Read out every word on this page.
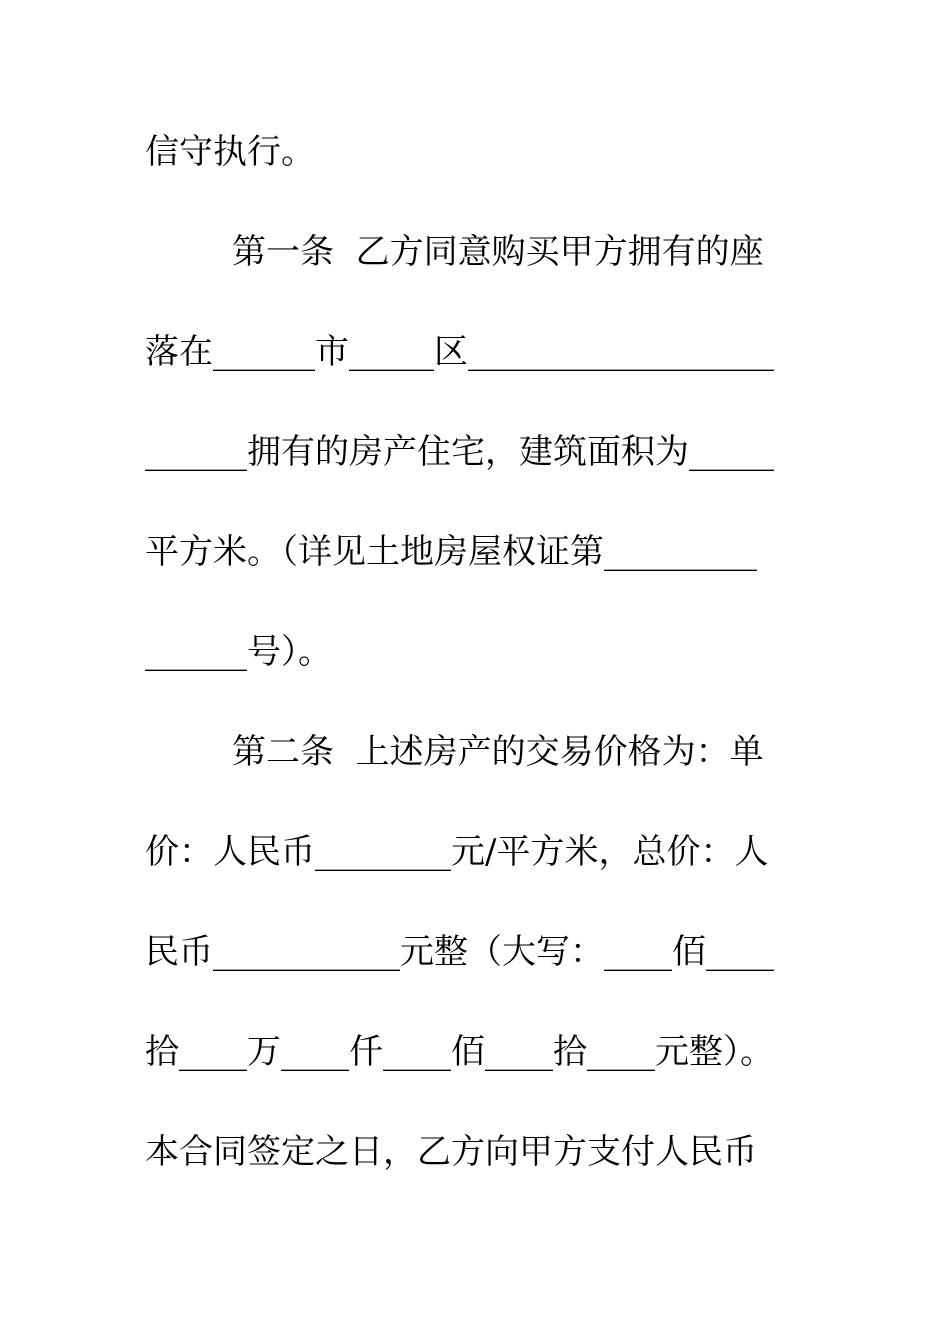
信守执行。
第一条  乙方同意购买甲方拥有的座
落在______市_____区__________________
______拥有的房产住宅，建筑面积为_____
平方米。（详见土地房屋权证第_________
______号）。
第二条  上述房产的交易价格为：单
价：人民币________元/平方米，总价：人
民币___________元整（大写：____佰____
拾____万____仟____佰____拾____元整）。
本合同签定之日，乙方向甲方支付人民币
